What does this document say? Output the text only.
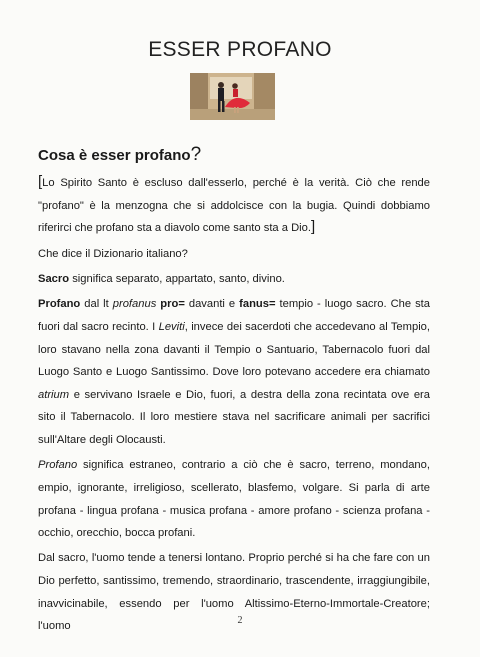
ESSER PROFANO
Cosa è esser profano?

[Lo Spirito Santo è escluso dall'esserlo, perché è la verità. Ciò che rende "profano" è la menzogna che si addolcisce con la bugia. Quindi dobbiamo riferirci che profano sta a diavolo come santo sta a Dio.]

Che dice il Dizionario italiano?

Sacro significa separato, appartato, santo, divino.

Profano dal lt profanus pro= davanti e fanus= tempio - luogo sacro. Che sta fuori dal sacro recinto. I Leviti, invece dei sacerdoti che accedevano al Tempio, loro stavano nella zona davanti il Tempio o Santuario, Tabernacolo fuori dal Luogo Santo e Luogo Santissimo. Dove loro potevano accedere era chiamato atrium e servivano Israele e Dio, fuori, a destra della zona recintata ove era sito il Tabernacolo. Il loro mestiere stava nel sacrificare animali per sacrifici sull'Altare degli Olocausti.

Profano significa estraneo, contrario a ciò che è sacro, terreno, mondano, empio, ignorante, irreligioso, scellerato, blasfemo, volgare. Si parla di arte profana - lingua profana - musica profana - amore profano - scienza profana - occhio, orecchio, bocca profani.

Dal sacro, l'uomo tende a tenersi lontano. Proprio perché si ha che fare con un Dio perfetto, santissimo, tremendo, straordinario, trascendente, irraggiungibile, inavvicinabile, essendo per l'uomo Altissimo-Eterno-Immortale-Creatore; l'uomo	2
